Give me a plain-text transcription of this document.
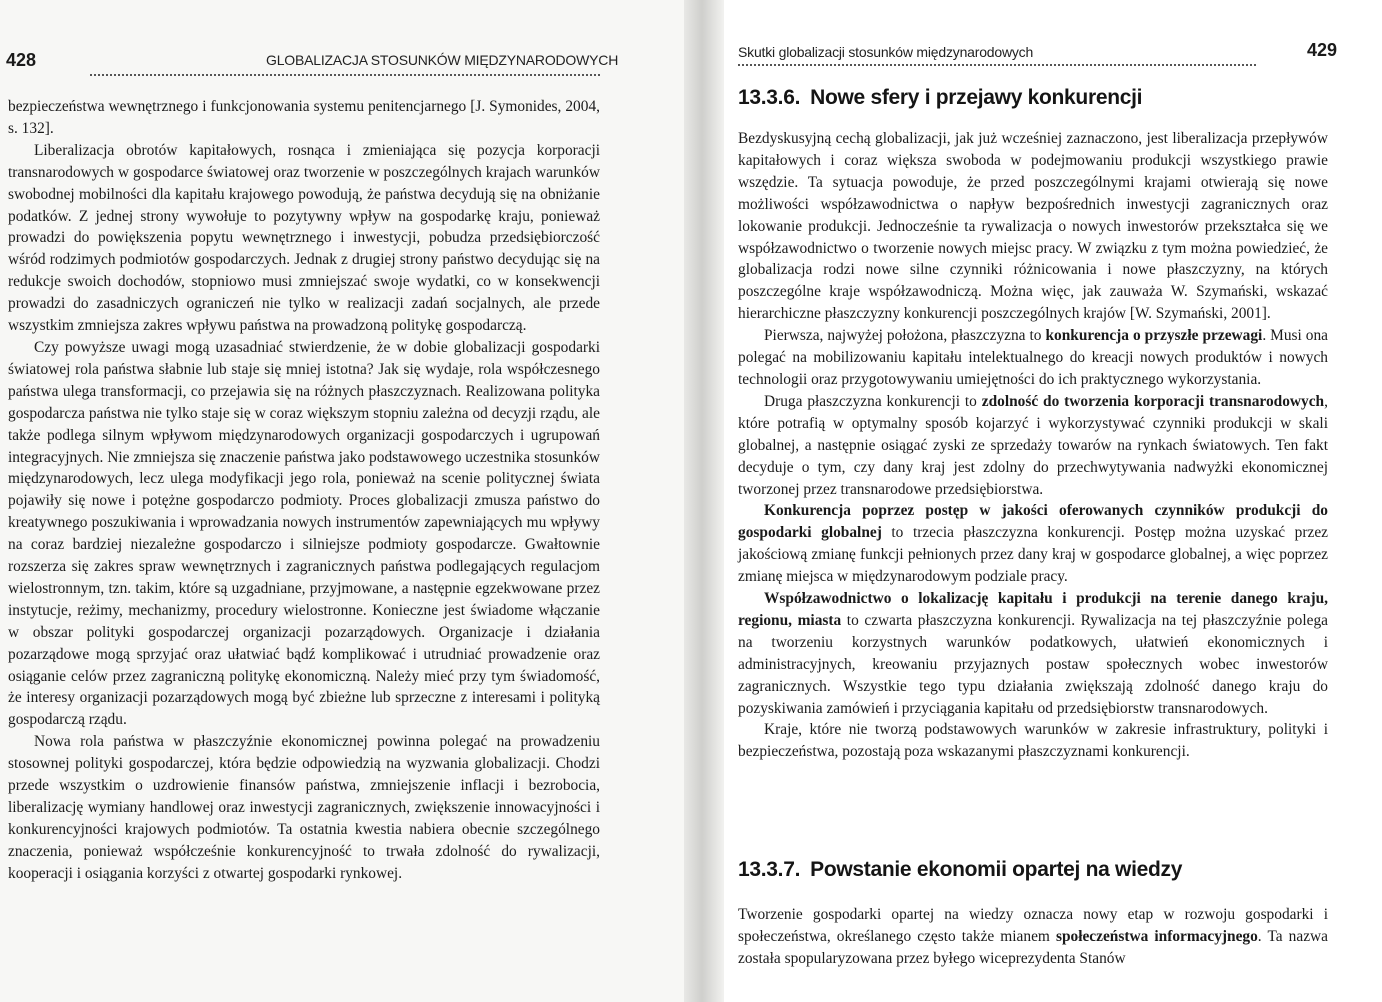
428	GLOBALIZACJA STOSUNKÓW MIĘDZYNARODOWYCH

bezpieczeństwa wewnętrznego i funkcjonowania systemu penitencjarnego [J. Symonides, 2004, s. 132].

Liberalizacja obrotów kapitałowych, rosnąca i zmieniająca się pozycja korporacji transnarodowych w gospodarce światowej oraz tworzenie w poszczególnych krajach warunków swobodnej mobilności dla kapitału krajowego powodują, że państwa decydują się na obniżanie podatków. Z jednej strony wywołuje to pozytywny wpływ na gospodarkę kraju, ponieważ prowadzi do powiększenia popytu wewnętrznego i inwestycji, pobudza przedsiębiorczość wśród rodzimych podmiotów gospodarczych. Jednak z drugiej strony państwo decydując się na redukcje swoich dochodów, stopniowo musi zmniejszać swoje wydatki, co w konsekwencji prowadzi do zasadniczych ograniczeń nie tylko w realizacji zadań socjalnych, ale przede wszystkim zmniejsza zakres wpływu państwa na prowadzoną politykę gospodarczą.

Czy powyższe uwagi mogą uzasadniać stwierdzenie, że w dobie globalizacji gospodarki światowej rola państwa słabnie lub staje się mniej istotna? Jak się wydaje, rola współczesnego państwa ulega transformacji, co przejawia się na różnych płaszczyznach. Realizowana polityka gospodarcza państwa nie tylko staje się w coraz większym stopniu zależna od decyzji rządu, ale także podlega silnym wpływom międzynarodowych organizacji gospodarczych i ugrupowań integracyjnych. Nie zmniejsza się znaczenie państwa jako podstawowego uczestnika stosunków międzynarodowych, lecz ulega modyfikacji jego rola, ponieważ na scenie politycznej świata pojawiły się nowe i potężne gospodarczo podmioty. Proces globalizacji zmusza państwo do kreatywnego poszukiwania i wprowadzania nowych instrumentów zapewniających mu wpływy na coraz bardziej niezależne gospodarczo i silniejsze podmioty gospodarcze. Gwałtownie rozszerza się zakres spraw wewnętrznych i zagranicznych państwa podlegających regulacjom wielostronnym, tzn. takim, które są uzgadniane, przyjmowane, a następnie egzekwowane przez instytucje, reżimy, mechanizmy, procedury wielostronne. Konieczne jest świadome włączanie w obszar polityki gospodarczej organizacji pozarządowych. Organizacje i działania pozarządowe mogą sprzyjać oraz ułatwiać bądź komplikować i utrudniać prowadzenie oraz osiąganie celów przez zagraniczną politykę ekonomiczną. Należy mieć przy tym świadomość, że interesy organizacji pozarządowych mogą być zbieżne lub sprzeczne z interesami i polityką gospodarczą rządu.

Nowa rola państwa w płaszczyźnie ekonomicznej powinna polegać na prowadzeniu stosownej polityki gospodarczej, która będzie odpowiedzią na wyzwania globalizacji. Chodzi przede wszystkim o uzdrowienie finansów państwa, zmniejszenie inflacji i bezrobocia, liberalizację wymiany handlowej oraz inwestycji zagranicznych, zwiększenie innowacyjności i konkurencyjności krajowych podmiotów. Ta ostatnia kwestia nabiera obecnie szczególnego znaczenia, ponieważ współcześnie konkurencyjność to trwała zdolność do rywalizacji, kooperacji i osiągania korzyści z otwartej gospodarki rynkowej.

Skutki globalizacji stosunków międzynarodowych	429
13.3.6. Nowe sfery i przejawy konkurencji

Bezdyskusyjną cechą globalizacji, jak już wcześniej zaznaczono, jest liberalizacja przepływów kapitałowych i coraz większa swoboda w podejmowaniu produkcji wszystkiego prawie wszędzie. Ta sytuacja powoduje, że przed poszczególnymi krajami otwierają się nowe możliwości współzawodnictwa o napływ bezpośrednich inwestycji zagranicznych oraz lokowanie produkcji. Jednocześnie ta rywalizacja o nowych inwestorów przekształca się we współzawodnictwo o tworzenie nowych miejsc pracy. W związku z tym można powiedzieć, że globalizacja rodzi nowe silne czynniki różnicowania i nowe płaszczyzny, na których poszczególne kraje współzawodniczą. Można więc, jak zauważa W. Szymański, wskazać hierarchiczne płaszczyzny konkurencji poszczególnych krajów [W. Szymański, 2001].

Pierwsza, najwyżej położona, płaszczyzna to konkurencja o przyszłe przewagi. Musi ona polegać na mobilizowaniu kapitału intelektualnego do kreacji nowych produktów i nowych technologii oraz przygotowywaniu umiejętności do ich praktycznego wykorzystania.

Druga płaszczyzna konkurencji to zdolność do tworzenia korporacji transnarodowych, które potrafią w optymalny sposób kojarzyć i wykorzystywać czynniki produkcji w skali globalnej, a następnie osiągać zyski ze sprzedaży towarów na rynkach światowych. Ten fakt decyduje o tym, czy dany kraj jest zdolny do przechwytywania nadwyżki ekonomicznej tworzonej przez transnarodowe przedsiębiorstwa.

Konkurencja poprzez postęp w jakości oferowanych czynników produkcji do gospodarki globalnej to trzecia płaszczyzna konkurencji. Postęp można uzyskać przez jakościową zmianę funkcji pełnionych przez dany kraj w gospodarce globalnej, a więc poprzez zmianę miejsca w międzynarodowym podziale pracy.

Współzawodnictwo o lokalizację kapitału i produkcji na terenie danego kraju, regionu, miasta to czwarta płaszczyzna konkurencji. Rywalizacja na tej płaszczyźnie polega na tworzeniu korzystnych warunków podatkowych, ułatwień ekonomicznych i administracyjnych, kreowaniu przyjaznych postaw społecznych wobec inwestorów zagranicznych. Wszystkie tego typu działania zwiększają zdolność danego kraju do pozyskiwania zamówień i przyciągania kapitału od przedsiębiorstw transnarodowych.

Kraje, które nie tworzą podstawowych warunków w zakresie infrastruktury, polityki i bezpieczeństwa, pozostają poza wskazanymi płaszczyznami konkurencji.

13.3.7. Powstanie ekonomii opartej na wiedzy

Tworzenie gospodarki opartej na wiedzy oznacza nowy etap w rozwoju gospodarki i społeczeństwa, określanego często także mianem społeczeństwa informacyjnego. Ta nazwa została spopularyzowana przez byłego wiceprezydenta Stanów
